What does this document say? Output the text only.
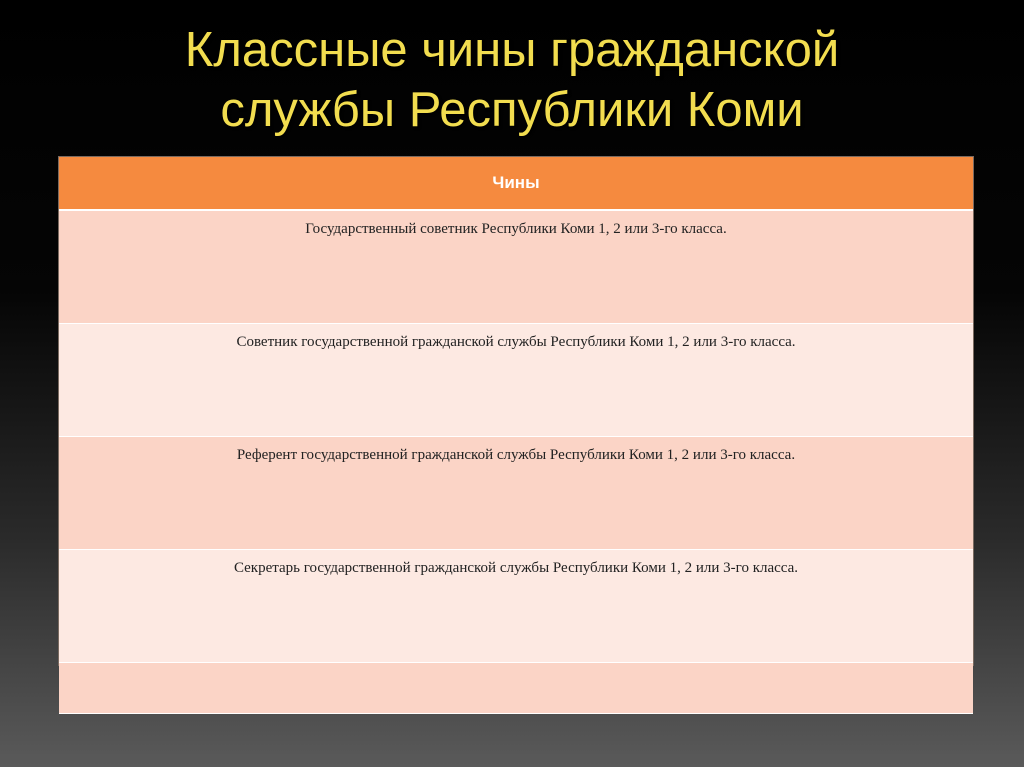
Классные чины гражданской
службы Республики Коми
Чины
Государственный советник Республики Коми 1, 2 или 3-го класса.
Советник государственной гражданской службы Республики Коми 1, 2 или 3-го класса.
Референт государственной гражданской службы Республики Коми 1, 2 или 3-го класса.
Секретарь государственной гражданской службы Республики Коми 1, 2 или 3-го класса.
